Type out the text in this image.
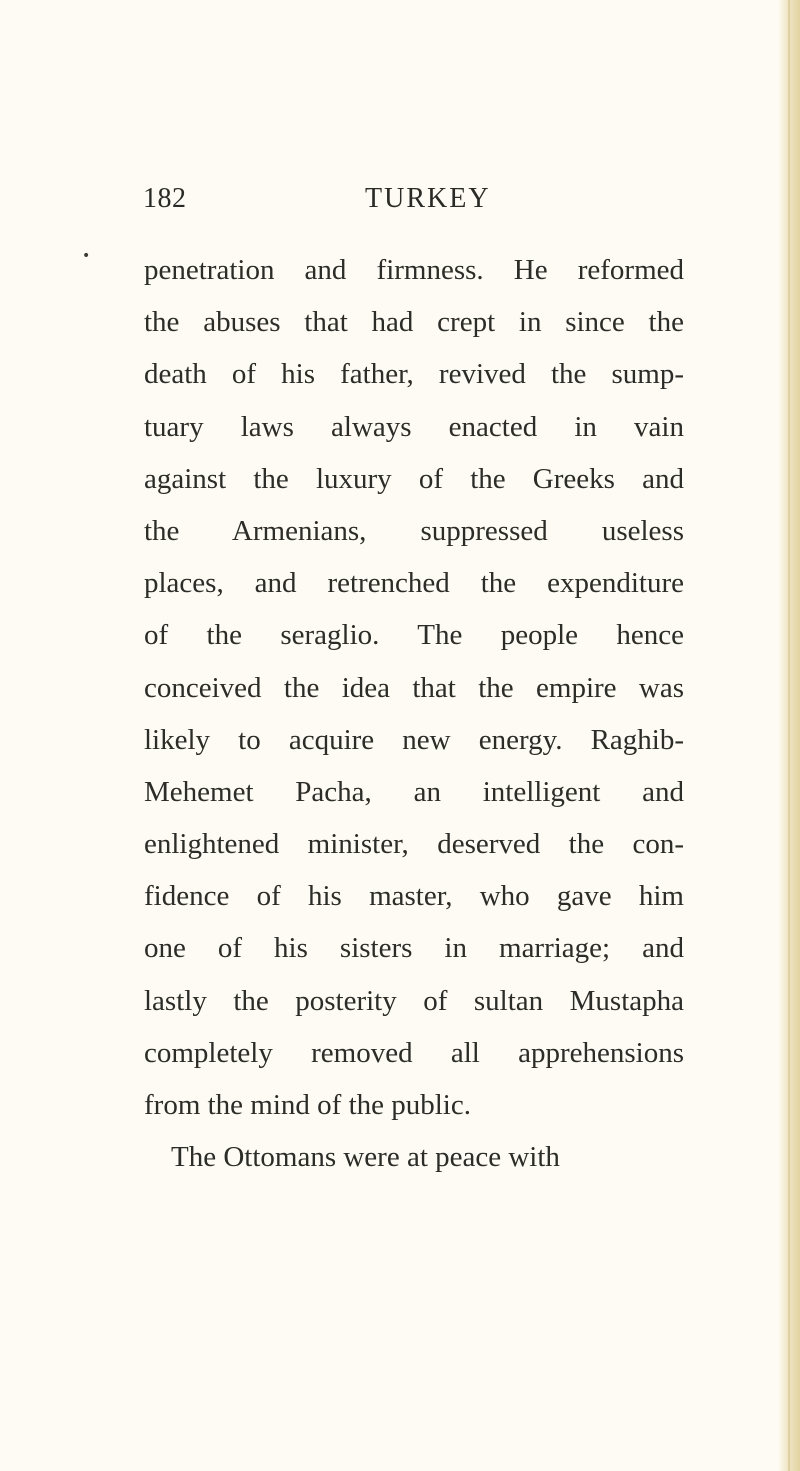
182	TURKEY
• penetration and firmness. He reformed
the abuses that had crept in since the
death of his father, revived the sump-
tuary laws always enacted in vain
against the luxury of the Greeks and
the Armenians, suppressed useless
places, and retrenched the expenditure
of the seraglio. The people hence
conceived the idea that the empire was
likely to acquire new energy. Raghib-
Mehemet Pacha, an intelligent and
enlightened minister, deserved the con-
fidence of his master, who gave him
one of his sisters in marriage; and
lastly the posterity of sultan Mustapha
completely removed all apprehensions
from the mind of the public.
The Ottomans were at peace with
